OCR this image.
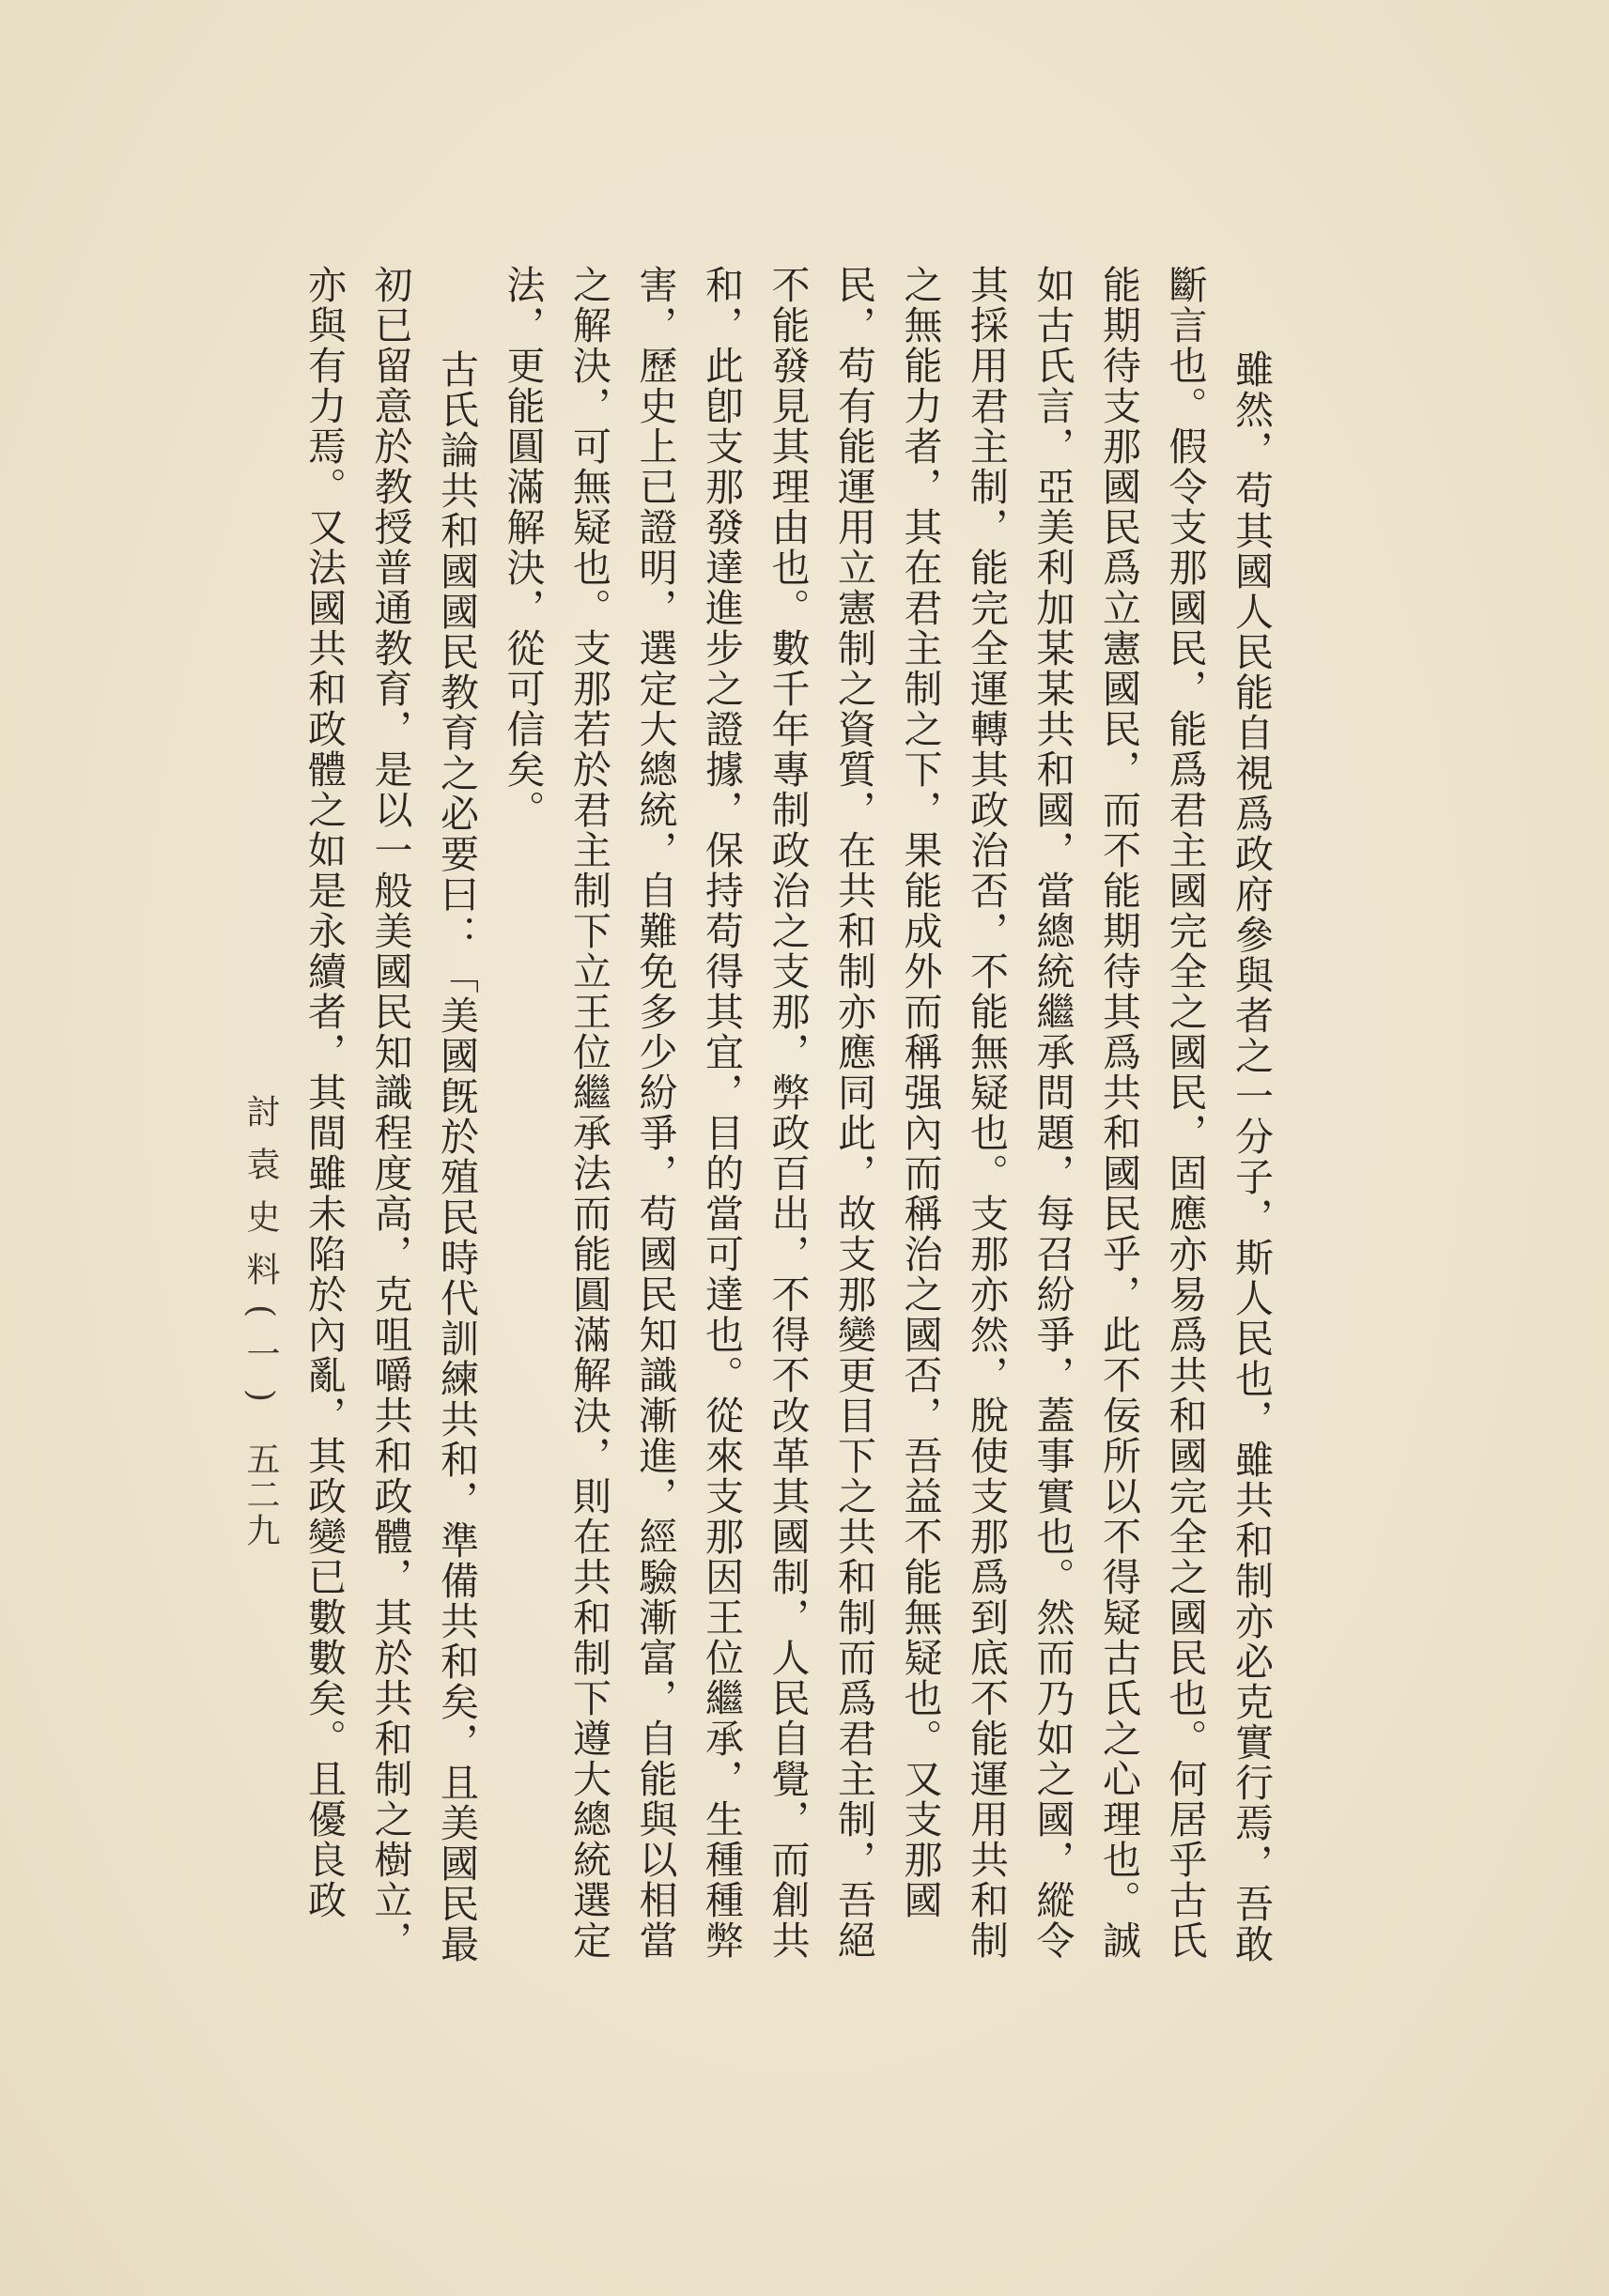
雖然，苟其國人民能自視爲政府參與者之一分子，斯人民也，雖共和制亦必克實行焉，吾敢
斷言也。假令支那國民，能爲君主國完全之國民，固應亦易爲共和國完全之國民也。何居乎古氏
能期待支那國民爲立憲國民，而不能期待其爲共和國民乎，此不佞所以不得疑古氏之心理也。誠
如古氏言，亞美利加某某共和國，當總統繼承問題，每召紛爭，蓋事實也。然而乃如之國，縱令
其採用君主制，能完全運轉其政治否，不能無疑也。支那亦然，脫使支那爲到底不能運用共和制
之無能力者，其在君主制之下，果能成外而稱强內而稱治之國否，吾益不能無疑也。又支那國
民，苟有能運用立憲制之資質，在共和制亦應同此，故支那變更目下之共和制而爲君主制，吾絕
不能發見其理由也。數千年專制政治之支那，弊政百出，不得不改革其國制，人民自覺，而創共
和，此卽支那發達進步之證據，保持苟得其宜，目的當可達也。從來支那因王位繼承，生種種弊
害，歷史上已證明，選定大總統，自難免多少紛爭，苟國民知識漸進，經驗漸富，自能與以相當
之解決，可無疑也。支那若於君主制下立王位繼承法而能圓滿解決，則在共和制下遵大總統選定
法，更能圓滿解決，從可信矣。
古氏論共和國國民教育之必要曰：「美國旣於殖民時代訓練共和，準備共和矣，且美國民最
初已留意於教授普通教育，是以一般美國民知識程度高，克咀嚼共和政體，其於共和制之樹立，
亦與有力焉。又法國共和政體之如是永續者，其間雖未陷於內亂，其政變已數數矣。且優良政
討袁史料(一)
五二九
